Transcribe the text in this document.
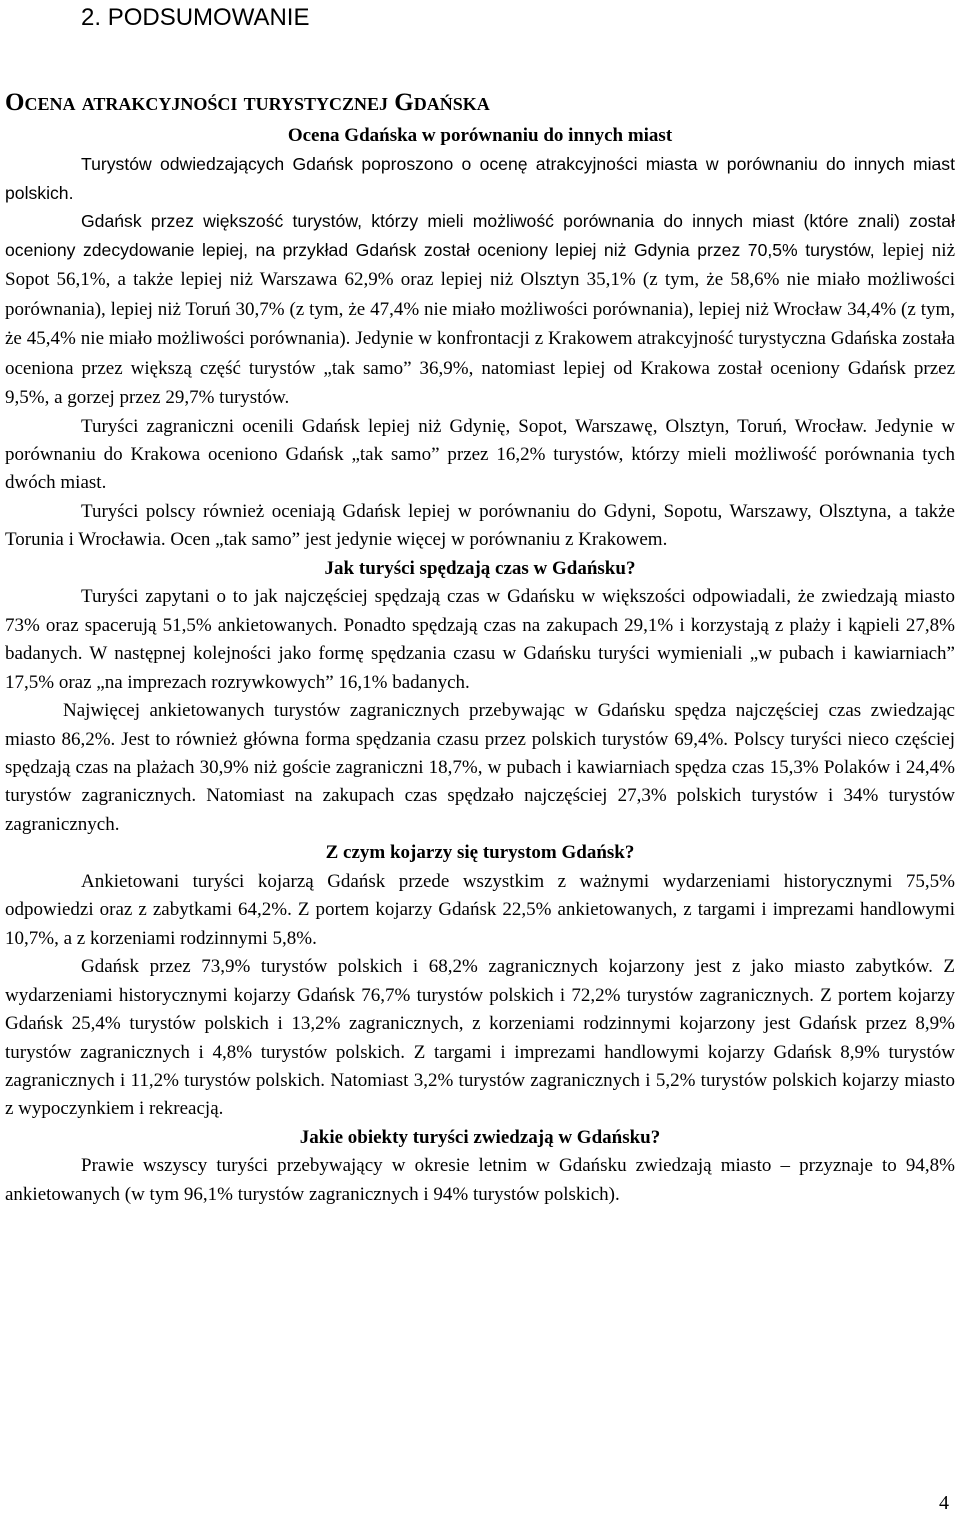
2. PODSUMOWANIE
Ocena atrakcyjności turystycznej Gdańska
Ocena Gdańska w porównaniu do innych miast

Turystów odwiedzających Gdańsk poproszono o ocenę atrakcyjności miasta w porównaniu do innych miast polskich.

Gdańsk przez większość turystów, którzy mieli możliwość porównania do innych miast (które znali) został oceniony zdecydowanie lepiej, na przykład Gdańsk został oceniony lepiej niż Gdynia przez 70,5% turystów, lepiej niż Sopot 56,1%, a także lepiej niż Warszawa 62,9% oraz lepiej niż Olsztyn 35,1% (z tym, że 58,6% nie miało możliwości porównania), lepiej niż Toruń 30,7% (z tym, że 47,4% nie miało możliwości porównania), lepiej niż Wrocław 34,4% (z tym, że 45,4% nie miało możliwości porównania). Jedynie w konfrontacji z Krakowem atrakcyjność turystyczna Gdańska została oceniona przez większą część turystów „tak samo” 36,9%, natomiast lepiej od Krakowa został oceniony Gdańsk przez 9,5%, a gorzej przez 29,7% turystów.

Turyści zagraniczni ocenili Gdańsk lepiej niż Gdynię, Sopot, Warszawę, Olsztyn, Toruń, Wrocław. Jedynie w porównaniu do Krakowa oceniono Gdańsk „tak samo” przez 16,2% turystów, którzy mieli możliwość porównania tych dwóch miast.

Turyści polscy również oceniają Gdańsk lepiej w porównaniu do Gdyni, Sopotu, Warszawy, Olsztyna, a także Torunia i Wrocławia. Ocen „tak samo” jest jedynie więcej w porównaniu z Krakowem.

Jak turyści spędzają czas w Gdańsku?

Turyści zapytani o to jak najczęściej spędzają czas w Gdańsku w większości odpowiadali, że zwiedzają miasto 73% oraz spacerują 51,5% ankietowanych. Ponadto spędzają czas na zakupach 29,1% i korzystają z plaży i kąpieli 27,8% badanych. W następnej kolejności jako formę spędzania czasu w Gdańsku turyści wymieniali „w pubach i kawiarniach” 17,5% oraz „na imprezach rozrywkowych” 16,1% badanych.

Najwięcej ankietowanych turystów zagranicznych przebywając w Gdańsku spędza najczęściej czas zwiedzając miasto 86,2%. Jest to również główna forma spędzania czasu przez polskich turystów 69,4%. Polscy turyści nieco częściej spędzają czas na plażach 30,9% niż goście zagraniczni 18,7%, w pubach i kawiarniach spędza czas 15,3% Polaków i 24,4% turystów zagranicznych. Natomiast na zakupach czas spędzało najczęściej 27,3% polskich turystów i 34% turystów zagranicznych.

Z czym kojarzy się turystom Gdańsk?

Ankietowani turyści kojarzą Gdańsk przede wszystkim z ważnymi wydarzeniami historycznymi 75,5% odpowiedzi oraz z zabytkami 64,2%. Z portem kojarzy Gdańsk 22,5% ankietowanych, z targami i imprezami handlowymi 10,7%, a z korzeniami rodzinnymi 5,8%.

Gdańsk przez 73,9% turystów polskich i 68,2% zagranicznych kojarzony jest z jako miasto zabytków. Z wydarzeniami historycznymi kojarzy Gdańsk 76,7% turystów polskich i 72,2% turystów zagranicznych. Z portem kojarzy Gdańsk 25,4% turystów polskich i 13,2% zagranicznych, z korzeniami rodzinnymi kojarzony jest Gdańsk przez 8,9% turystów zagranicznych i 4,8% turystów polskich. Z targami i imprezami handlowymi kojarzy Gdańsk 8,9% turystów zagranicznych i 11,2% turystów polskich. Natomiast 3,2% turystów zagranicznych i 5,2% turystów polskich kojarzy miasto z wypoczynkiem i rekreacją.

Jakie obiekty turyści zwiedzają w Gdańsku?

Prawie wszyscy turyści przebywający w okresie letnim w Gdańsku zwiedzają miasto – przyznaje to 94,8% ankietowanych (w tym 96,1% turystów zagranicznych i 94% turystów polskich).

4
